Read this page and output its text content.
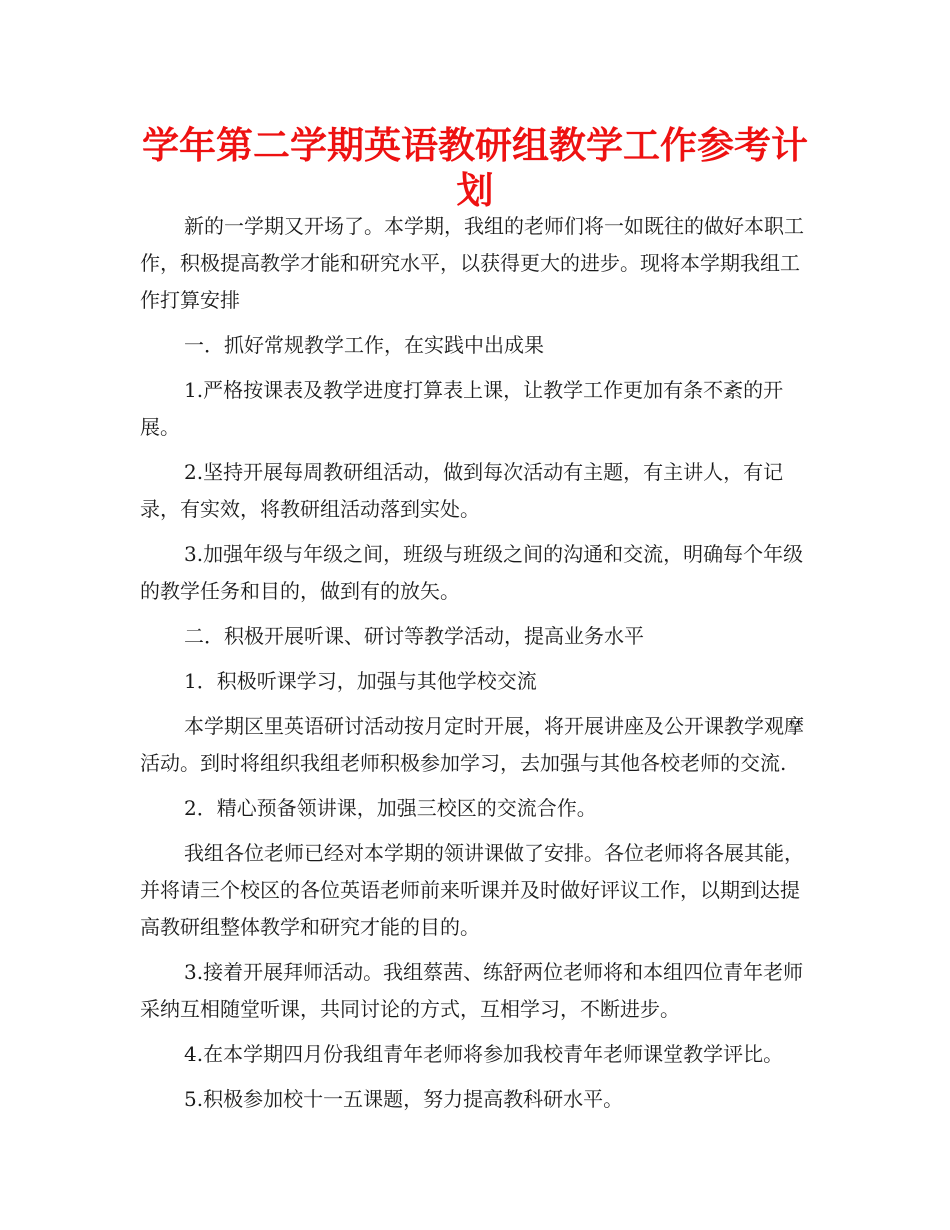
学年第二学期英语教研组教学工作参考计
划

新的一学期又开场了。本学期，我组的老师们将一如既往的做好本职工作，积极提高教学才能和研究水平，以获得更大的进步。现将本学期我组工作打算安排

一．抓好常规教学工作，在实践中出成果

1.严格按课表及教学进度打算表上课，让教学工作更加有条不紊的开展。

2.坚持开展每周教研组活动，做到每次活动有主题，有主讲人，有记录，有实效，将教研组活动落到实处。

3.加强年级与年级之间，班级与班级之间的沟通和交流，明确每个年级的教学任务和目的，做到有的放矢。

二．积极开展听课、研讨等教学活动，提高业务水平

1．积极听课学习，加强与其他学校交流

本学期区里英语研讨活动按月定时开展，将开展讲座及公开课教学观摩活动。到时将组织我组老师积极参加学习，去加强与其他各校老师的交流.

2．精心预备领讲课，加强三校区的交流合作。

我组各位老师已经对本学期的领讲课做了安排。各位老师将各展其能，并将请三个校区的各位英语老师前来听课并及时做好评议工作，以期到达提高教研组整体教学和研究才能的目的。

3.接着开展拜师活动。我组蔡茜、练舒两位老师将和本组四位青年老师采纳互相随堂听课，共同讨论的方式，互相学习，不断进步。

4.在本学期四月份我组青年老师将参加我校青年老师课堂教学评比。

5.积极参加校十一五课题，努力提高教科研水平。
